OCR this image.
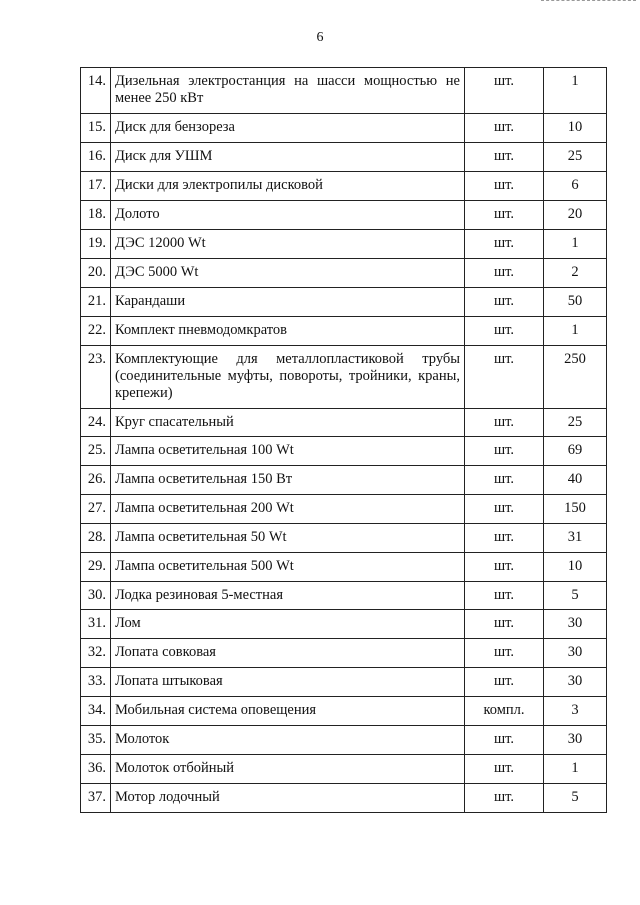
6
14.	Дизельная электростанция на шасси мощностью не менее 250 кВт	шт.	1
15.	Диск для бензореза	шт.	10
16.	Диск для УШМ	шт.	25
17.	Диски для электропилы дисковой	шт.	6
18.	Долото	шт.	20
19.	ДЭС 12000 Wt	шт.	1
20.	ДЭС 5000 Wt	шт.	2
21.	Карандаши	шт.	50
22.	Комплект пневмодомкратов	шт.	1
23.	Комплектующие для металлопластиковой трубы (соединительные муфты, повороты, тройники, краны, крепежи)	шт.	250
24.	Круг спасательный	шт.	25
25.	Лампа осветительная 100 Wt	шт.	69
26.	Лампа осветительная 150 Вт	шт.	40
27.	Лампа осветительная 200 Wt	шт.	150
28.	Лампа осветительная 50 Wt	шт.	31
29.	Лампа осветительная 500 Wt	шт.	10
30.	Лодка резиновая 5-местная	шт.	5
31.	Лом	шт.	30
32.	Лопата совковая	шт.	30
33.	Лопата штыковая	шт.	30
34.	Мобильная система оповещения	компл.	3
35.	Молоток	шт.	30
36.	Молоток отбойный	шт.	1
37.	Мотор лодочный	шт.	5
